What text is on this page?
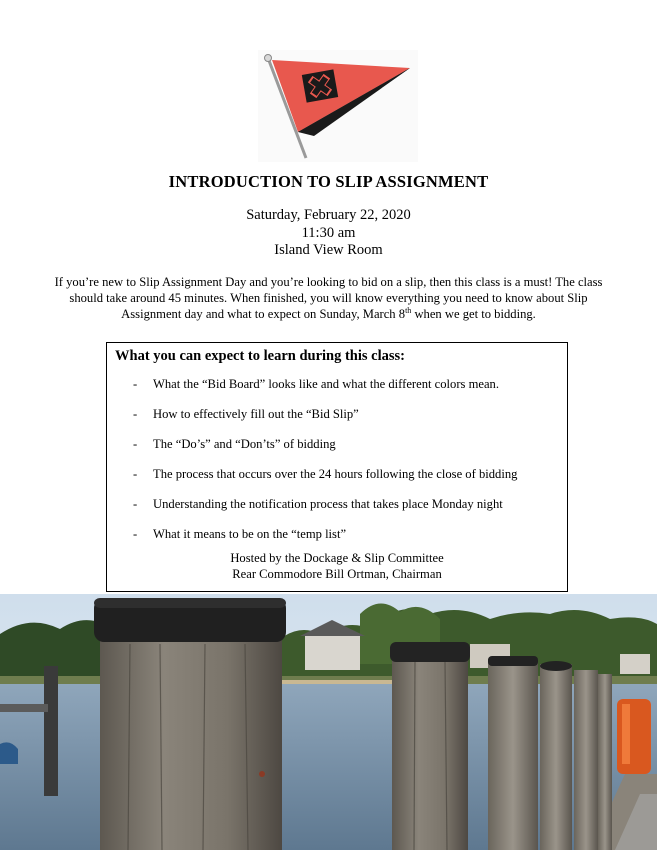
INTRODUCTION TO SLIP ASSIGNMENT
Saturday, February 22, 2020
11:30 am
Island View Room
If you’re new to Slip Assignment Day and you’re looking to bid on a slip, then this class is a must! The class should take around 45 minutes. When finished, you will know everything you need to know about Slip Assignment day and what to expect on Sunday, March 8th when we get to bidding.
What you can expect to learn during this class:
- What the “Bid Board” looks like and what the different colors mean.
- How to effectively fill out the “Bid Slip”
- The “Do’s” and “Don’ts” of bidding
- The process that occurs over the 24 hours following the close of bidding
- Understanding the notification process that takes place Monday night
- What it means to be on the “temp list”
Hosted by the Dockage & Slip Committee
Rear Commodore Bill Ortman, Chairman
